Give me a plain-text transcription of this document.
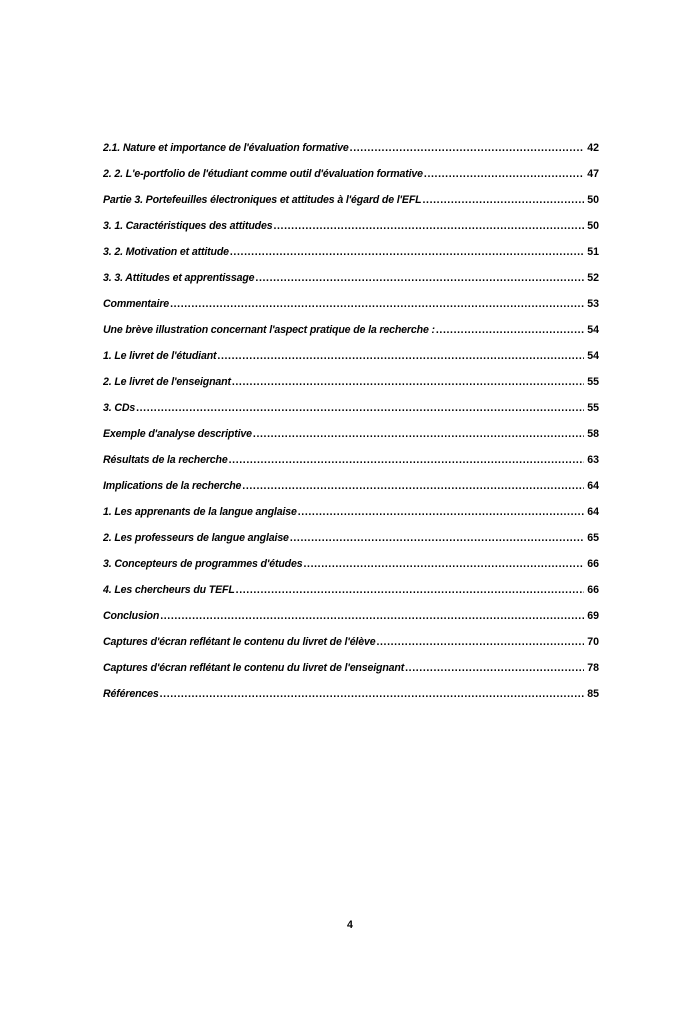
2.1. Nature et importance de l'évaluation formative .....	42
2. 2. L'e-portfolio de l'étudiant comme outil d'évaluation formative .....	47
Partie 3. Portefeuilles électroniques et attitudes à l'égard de l'EFL .....	50
3. 1. Caractéristiques des attitudes .....	50
3. 2. Motivation et attitude .....	51
3. 3. Attitudes et apprentissage .....	52
Commentaire .....	53
Une brève illustration concernant l'aspect pratique de la recherche : .....	54
1. Le livret de l'étudiant .....	54
2. Le livret de l'enseignant .....	55
3. CDs .....	55
Exemple d'analyse descriptive .....	58
Résultats de la recherche .....	63
Implications de la recherche .....	64
1. Les apprenants de la langue anglaise .....	64
2. Les professeurs de langue anglaise .....	65
3. Concepteurs de programmes d'études .....	66
4. Les chercheurs du TEFL .....	66
Conclusion .....	69
Captures d'écran reflétant le contenu du livret de l'élève .....	70
Captures d'écran reflétant le contenu du livret de l'enseignant .....	78
Références .....	85
4
